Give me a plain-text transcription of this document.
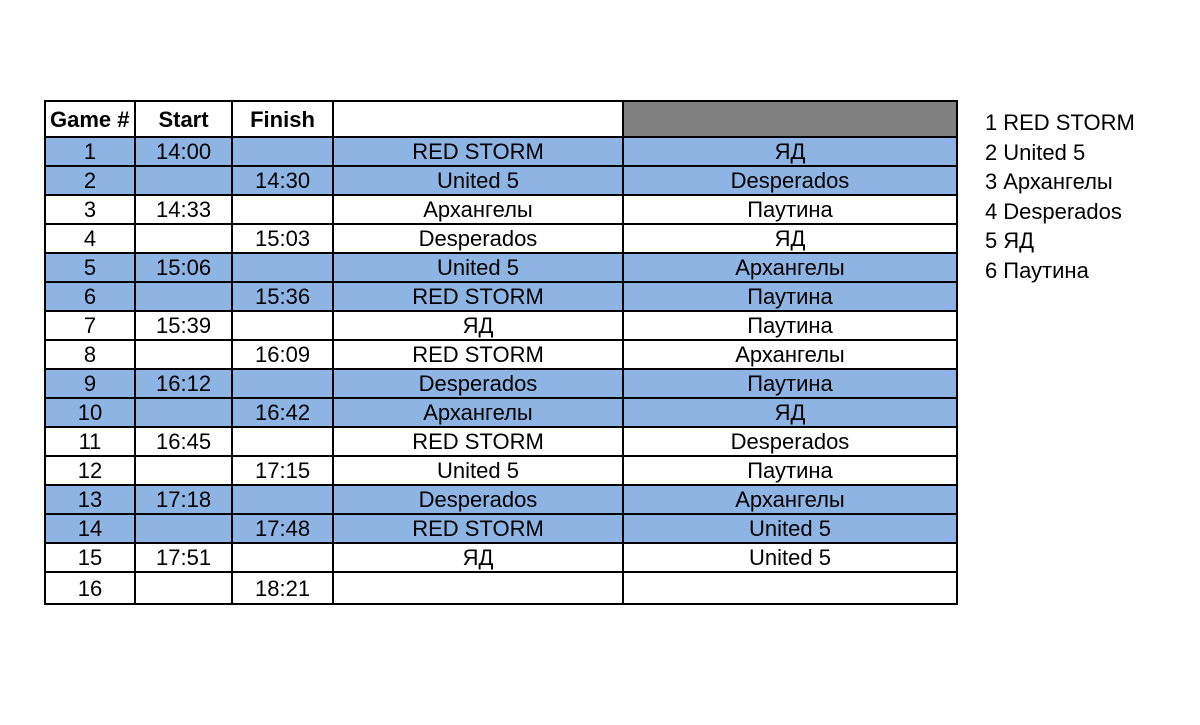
Game #	Start	Finish		
1	14:00		RED STORM	ЯД
2		14:30	United 5	Desperados
3	14:33		Архангелы	Паутина
4		15:03	Desperados	ЯД
5	15:06		United 5	Архангелы
6		15:36	RED STORM	Паутина
7	15:39		ЯД	Паутина
8		16:09	RED STORM	Архангелы
9	16:12		Desperados	Паутина
10		16:42	Архангелы	ЯД
11	16:45		RED STORM	Desperados
12		17:15	United 5	Паутина
13	17:18		Desperados	Архангелы
14		17:48	RED STORM	United 5
15	17:51		ЯД	United 5
16		18:21		
1 RED STORM
2 United 5
3 Архангелы
4 Desperados
5 ЯД
6 Паутина
